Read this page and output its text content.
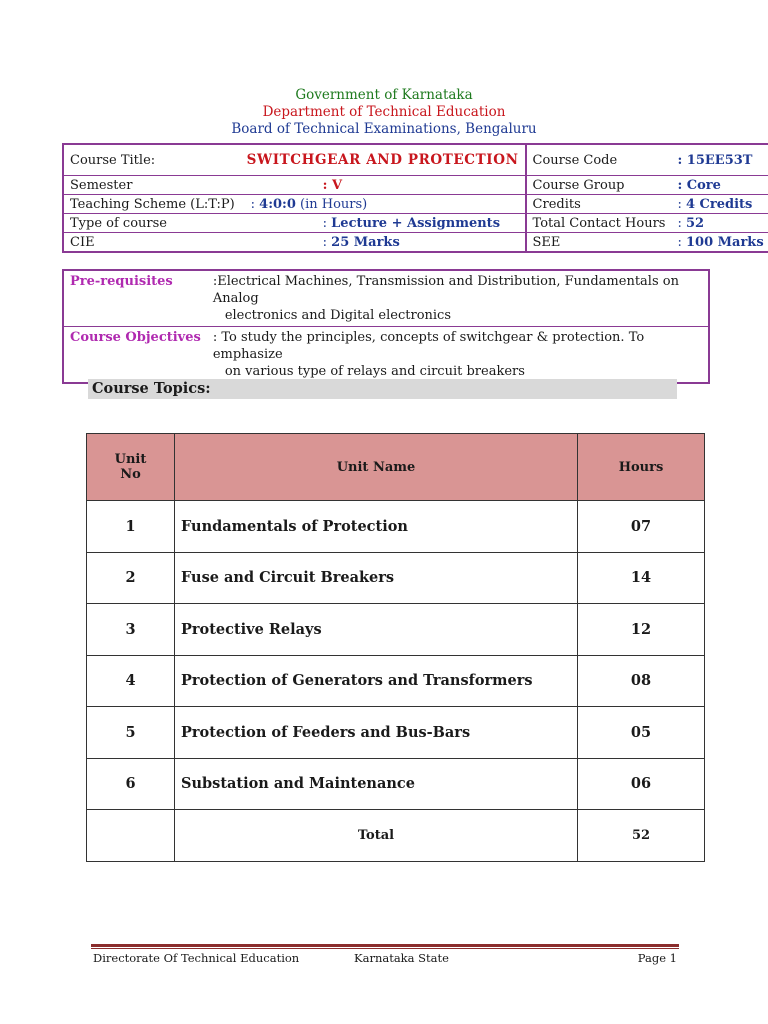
Government of Karnataka
Department of Technical Education
Board of Technical Examinations, Bengaluru
Course Title:	SWITCHGEAR AND PROTECTION	Course Code	: 15EE53T
Semester	: V	Course Group	: Core
Teaching Scheme (L:T:P)	: 4:0:0 (in Hours)	Credits	: 4 Credits
Type of course	: Lecture + Assignments	Total Contact Hours	: 52
CIE	: 25 Marks	SEE	: 100 Marks
Pre-requisites	:Electrical Machines, Transmission and Distribution, Fundamentals on Analog
electronics and Digital electronics

Course Objectives	: To study the principles, concepts of switchgear & protection. To emphasize
on various type of relays and circuit breakers
Course Topics:
Unit
No	Unit Name	Hours
1	Fundamentals of Protection	07
2	Fuse and Circuit Breakers	14
3	Protective Relays	12
4	Protection of Generators and Transformers	08
5	Protection of Feeders and Bus-Bars	05
6	Substation and Maintenance	06
	Total	52
Directorate Of Technical Education	Karnataka State	Page 1
